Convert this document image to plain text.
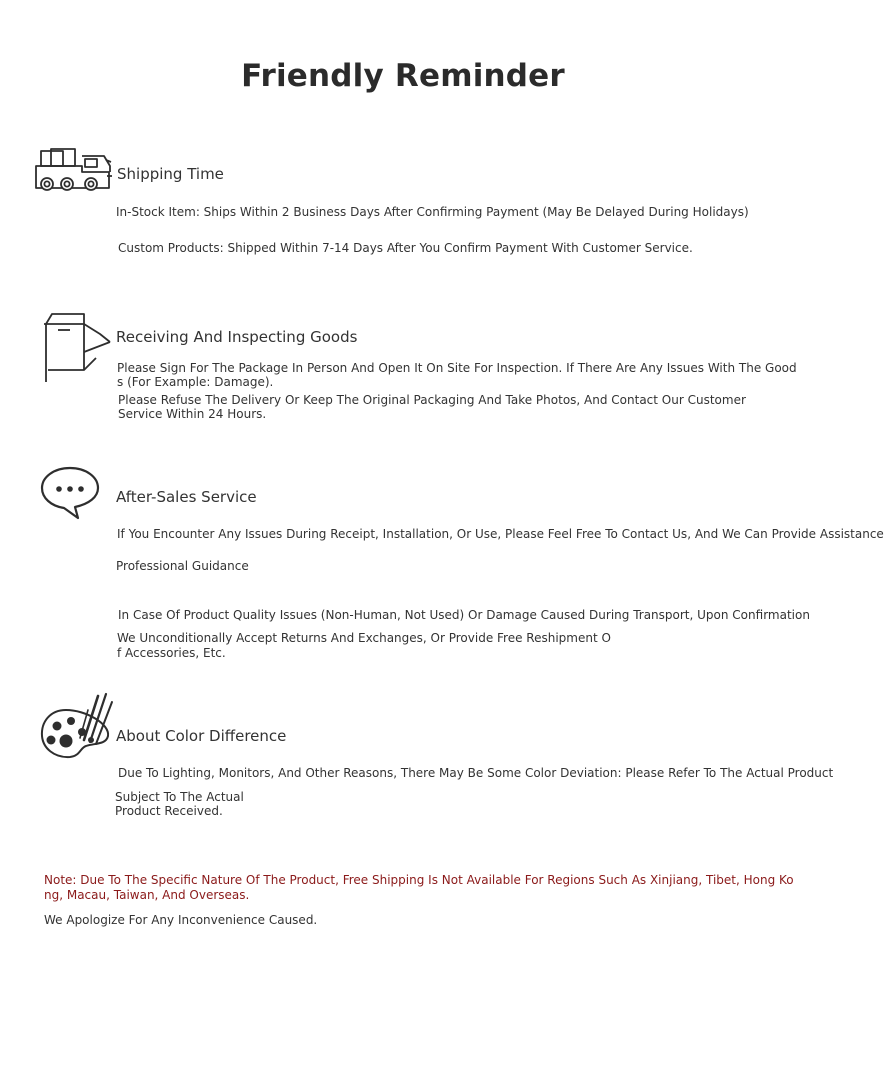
Friendly Reminder
Shipping Time
In-Stock Item: Ships Within 2 Business Days After Confirming Payment (May Be Delayed During Holidays)
Custom Products: Shipped Within 7-14 Days After You Confirm Payment With Customer Service.
Receiving And Inspecting Goods
Please Sign For The Package In Person And Open It On Site For Inspection. If There Are Any Issues With The Good
s (For Example: Damage).
Please Refuse The Delivery Or Keep The Original Packaging And Take Photos, And Contact Our Customer
Service Within 24 Hours.
After-Sales Service
If You Encounter Any Issues During Receipt, Installation, Or Use, Please Feel Free To Contact Us, And We Can Provide Assistance
Professional Guidance
In Case Of Product Quality Issues (Non-Human, Not Used) Or Damage Caused During Transport, Upon Confirmation
We Unconditionally Accept Returns And Exchanges, Or Provide Free Reshipment O
f Accessories, Etc.
About Color Difference
Due To Lighting, Monitors, And Other Reasons, There May Be Some Color Deviation: Please Refer To The Actual Product
Subject To The Actual
Product Received.
Note: Due To The Specific Nature Of The Product, Free Shipping Is Not Available For Regions Such As Xinjiang, Tibet, Hong Ko
ng, Macau, Taiwan, And Overseas.
We Apologize For Any Inconvenience Caused.
